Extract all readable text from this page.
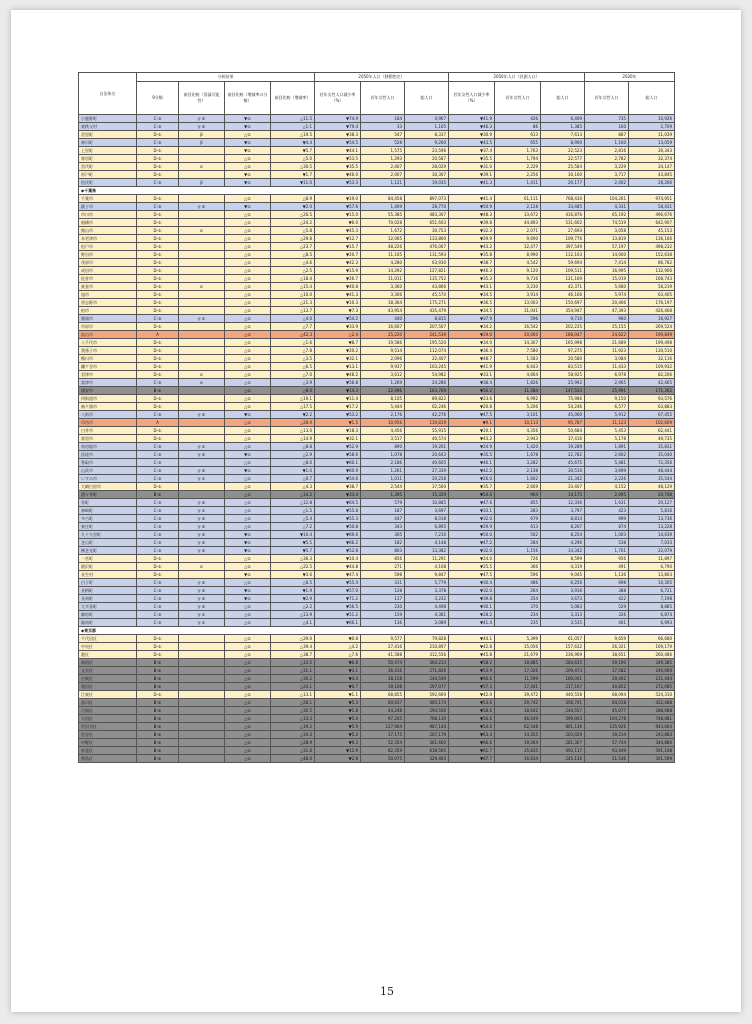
自治体名	分析結果				2050年人口（移動想定）			2050年人口（封鎖人口）			2020年	
	9分類	前回比較（消滅可能性）	前回比較（増減率の分類）	前回比較（増減率）	若年女性人口減少率（%）	若年女性人口	総人口	若年女性人口減少率（%）	若年女性人口	総人口	若年女性人口	総人口
小鹿野町	C-②	γ-②	▼①	△11.5	▼74.9	184	4,967	▼41.9	426	6,409	735	10,926
東秩父村	C-②	γ-②	▼①	△1.1	▼79.4	33	1,105	▼46.3	86	1,385	160	2,709
美里町	D-①	β	△①	△19.5	▼38.3	547	8,337	▼30.9	613	7,613	887	11,039
神川町	C-②	β	▼①	▼4.4	▼54.5	528	9,260	▼43.5	655	8,900	1,160	13,059
上里町	D-①		▼①	▼5.7	▼44.1	1,575	23,596	▼37.4	1,763	22,523	2,816	30,343
寄居町	D-①		△①	△5.0	▼53.5	1,293	20,587	▼35.5	1,794	22,577	2,782	32,374
宮代町	D-①	α	△①	△30.5	▼35.5	2,407	28,029	▼31.0	2,229	25,584	3,229	34,147
杉戸町	D-①		▼①	▼1.7	▼46.0	2,007	30,307	▼39.1	2,256	30,160	3,717	43,845
松伏町	C-②	β	▼①	▼11.0	▼53.3	1,121	19,035	▼41.3	1,411	20,177	2,402	28,266
◆千葉県												
千葉市	D-①		△①	△8.9	▼19.0	84,458	897,073	▼41.4	61,111	768,430	104,261	974,951
銚子市	C-②	γ-②	▼①	▼2.0	▼57.6	1,409	28,770	▼50.9	2,128	33,485	4,331	58,431
市川市	D-①		△①	△26.5	▼15.0	55,385	483,307	▼48.3	33,672	416,876	65,192	496,676
船橋市	D-①		△①	△24.2	▼6.0	70,028	651,603	▼39.8	44,893	531,602	74,519	642,907
館山市	D-①	α	△①	△5.8	▼45.3	1,672	30,753	▼32.3	2,071	27,693	3,058	45,153
木更津市	D-①		△①	△29.8	▼12.7	12,065	133,860	▼29.9	9,690	109,776	13,819	136,166
松戸市	D-①		△①	△23.7	▼15.7	48,226	476,067	▼43.2	32,477	397,549	57,197	498,232
野田市	D-①		△①	△8.5	▼20.7	11,105	131,593	▼35.8	8,990	112,103	14,000	152,638
茂原市	D-①		△①	△4.6	▼42.3	4,280	63,930	▼38.7	4,542	59,694	7,414	86,782
成田市	D-①		△①	△2.5	▼15.9	14,292	127,821	▼46.3	9,120	109,511	16,995	132,906
佐倉市	D-①		△①	△18.4	▼26.7	11,011	135,752	▼35.3	9,716	121,169	15,019	168,743
東金市	D-①	α	△①	△15.4	▼40.8	3,360	43,866	▼43.1	3,230	42,371	5,680	58,219
旭市	D-①		△①	△10.0	▼41.3	3,306	45,570	▼34.5	3,914	46,166	5,974	63,405
習志野市	D-①		△①	△21.3	▼10.3	18,364	175,271	▼36.5	13,003	150,697	20,466	176,197
柏市	D-①		△①	△13.7	▼7.3	43,954	435,479	▼34.5	31,041	354,947	47,393	426,468
勝浦市	C-②	γ-①	△①	△4.0	▼54.2	440	8,815	▼37.9	596	9,710	960	16,927
市原市	D-①		△①	△7.7	▼33.9	16,607	207,507	▼34.2	16,542	202,235	25,155	269,524
流山市	A		△②	△42.3	△2.4	25,220	241,539	▼29.0	20,060	188,047	24,622	199,849
八千代市	D-①		△①	△1.6	▼8.7	19,586	195,520	▼34.0	14,307	165,998	21,689	199,498
我孫子市	D-①		△①	△7.8	▼20.2	9,514	112,074	▼36.4	7,580	97,275	11,923	130,510
鴨川市	D-①		△①	△3.5	▼32.1	2,096	22,407	▼48.7	1,583	20,580	3,084	32,116
鎌ケ谷市	D-①		△①	△6.5	▼13.1	9,937	103,245	▼41.9	6,643	83,515	11,433	109,932
君津市	D-①	α	△①	△7.0	▼48.2	3,612	54,982	▼33.1	4,664	58,925	6,978	82,206
富津市	C-②	α	△①	△3.9	▼56.8	1,269	24,286	▼38.4	1,826	25,992	2,965	42,465
浦安市	B-①		△①	△8.0	▼14.3	22,096	163,769	▼56.2	11,384	147,553	25,991	171,362
四街道市	D-①		△①	△19.1	▼11.4	8,105	89,822	▼23.6	6,992	75,986	9,150	93,576
袖ケ浦市	D-①		△①	△17.5	▼17.2	5,444	62,246	▼20.8	5,206	54,246	6,577	63,883
八街市	C-②	γ-②	▼①	▼2.2	▼53.2	2,176	42,276	▼47.5	3,101	45,060	5,912	67,455
印西市	A		△②	△28.9	▼1.5	10,956	119,819	▼9.1	10,113	95,787	11,123	102,609
白井市	D-①		△①	△13.0	▼18.3	4,456	55,915	▼20.1	4,356	50,684	5,453	62,441
富里市	D-①		△①	△14.9	▼32.1	3,517	40,574	▼43.2	2,943	37,416	5,178	49,735
南房総市	C-②	γ-①	△①	△8.8	▼52.9	890	19,201	▼24.9	1,420	19,289	1,891	35,831
匝瑳市	C-②	γ-②	▼①	△2.9	▼58.6	1,078	20,643	▼35.5	1,678	22,782	2,602	35,040
香取市	C-②		△①	△8.0	▼60.1	2,186	40,605	▼40.1	3,282	45,675	5,481	72,356
山武市	C-②	γ-②	▼①	▼1.0	▼60.9	1,261	27,339	▼42.2	2,138	30,510	3,699	48,444
いすみ市	C-②	γ-①	△①	△0.7	▼54.6	1,011	20,258	▼26.0	1,602	21,342	2,226	35,544
大網白里市	D-①		△①	△4.3	▼38.7	2,544	37,560	▼35.7	2,669	33,407	4,152	48,129
酒々井町	B-①		△①	△14.2	▼33.4	1,395	15,329	▼54.0	964	14,175	2,095	20,748
栄町	C-②	γ-②	△①	△12.8	▼64.5	579	10,885	▼47.6	855	12,336	1,631	20,127
神崎町	C-②	γ-①	△①	△1.5	▼55.8	187	3,697	▼33.1	283	3,797	423	5,816
多古町	C-②	γ-②	△①	△5.4	▼55.3	447	8,018	▼32.0	679	8,814	999	13,736
東庄町	C-②	γ-②	△①	△7.2	▼50.8	343	6,895	▼29.9	613	8,207	874	13,228
九十九里町	C-②	γ-②	▼①	▼10.4	▼69.6	305	7,210	▼50.0	502	8,254	1,003	14,639
芝山町	C-②	γ-②	▼①	▼5.5	▼66.2	182	4,148	▼47.2	284	4,296	538	7,033
横芝光町	C-②	γ-②	▼①	▼5.7	▼52.8	803	13,382	▼32.0	1,156	14,342	1,701	22,079
一宮町	D-①		△①	△36.3	▼10.4	856	11,291	▼24.0	726	8,599	956	11,897
睦沢町	D-①	α	△①	△22.5	▼44.8	271	4,108	▼25.5	366	4,319	491	6,790
長生村	D-①		▼①	▼3.6	▼47.4	598	9,847	▼47.5	596	9,045	1,136	13,803
白子町	C-②	γ-②	△①	△6.5	▼55.4	311	5,779	▼30.4	486	6,256	698	10,305
長柄町	C-②	γ-②	▼①	▼1.9	▼57.0	128	3,378	▼32.0	264	3,916	388	6,721
長南町	C-②	γ-②	▼①	▼2.9	▼71.2	117	3,232	▼39.8	254	3,673	422	7,198
大多喜町	C-②	γ-②	△①	△2.2	▼56.5	230	4,498	▼30.1	370	5,083	529	8,885
御宿町	C-②	γ-①	△①	△13.9	▼51.2	159	4,381	▼28.2	234	3,313	326	6,874
鋸南町	C-②	γ-①	△①	△4.1	▼66.1	136	3,089	▼41.4	235	3,535	401	6,993
◆東京都												
千代田区	D-①		△①	△29.0	▼0.8	9,577	79,828	▼44.1	5,399	61,057	9,659	66,680
中央区	D-①		△①	△39.4	△4.2	27,416	210,897	▼42.8	15,056	157,632	26,321	169,179
港区	D-①		△①	△38.7	△7.6	41,588	312,556	▼45.8	21,679	236,969	38,651	260,486
新宿区	B-①		△①	△14.5	▼6.8	50,474	364,213	▼58.2	18,885	284,635	59,190	349,385
文京区	B-①		△①	△31.1	▼3.1	36,416	271,826	▼53.9	17,326	209,473	37,582	240,069
台東区	B-①		△①	△30.2	▼4.4	28,158	244,549	▼60.6	11,599	160,041	29,462	211,444
墨田区	B-①		△①	△24.1	▼0.7	39,108	297,077	▼57.3	17,441	217,167	40,852	272,085
江東区	D-①		△①	△13.1	▼1.1	68,855	592,669	▼42.0	39,472	440,558	68,094	524,310
品川区	B-①		△①	△28.1	▼5.3	60,637	465,174	▼53.6	29,742	356,741	64,018	422,488
目黒区	B-①		△①	△30.5	▼1.8	44,248	294,556	▼58.6	18,642	244,557	45,077	288,088
大田区	B-①		△①	△13.3	▼5.0	97,205	768,130	▼56.6	46,649	599,003	104,278	748,081
世田谷区	B-①		△①	△19.2	▼5.9	127,964	987,144	▼54.0	62,548	801,136	135,926	943,664
渋谷区	B-①		△①	△34.3	▼5.2	37,175	267,179	▼63.4	14,355	203,029	39,214	243,883
中野区	B-①		△①	△28.9	▼9.3	52,354	361,660	▼66.6	19,264	281,307	57,744	344,880
杉並区	B-①		△①	△31.6	▼11.9	82,359	618,595	▼61.7	35,835	492,117	93,449	591,108
豊島区	B-①		△①	△48.0	▼2.8	50,075	329,403	▼67.7	16,634	245,116	51,536	301,599
15
